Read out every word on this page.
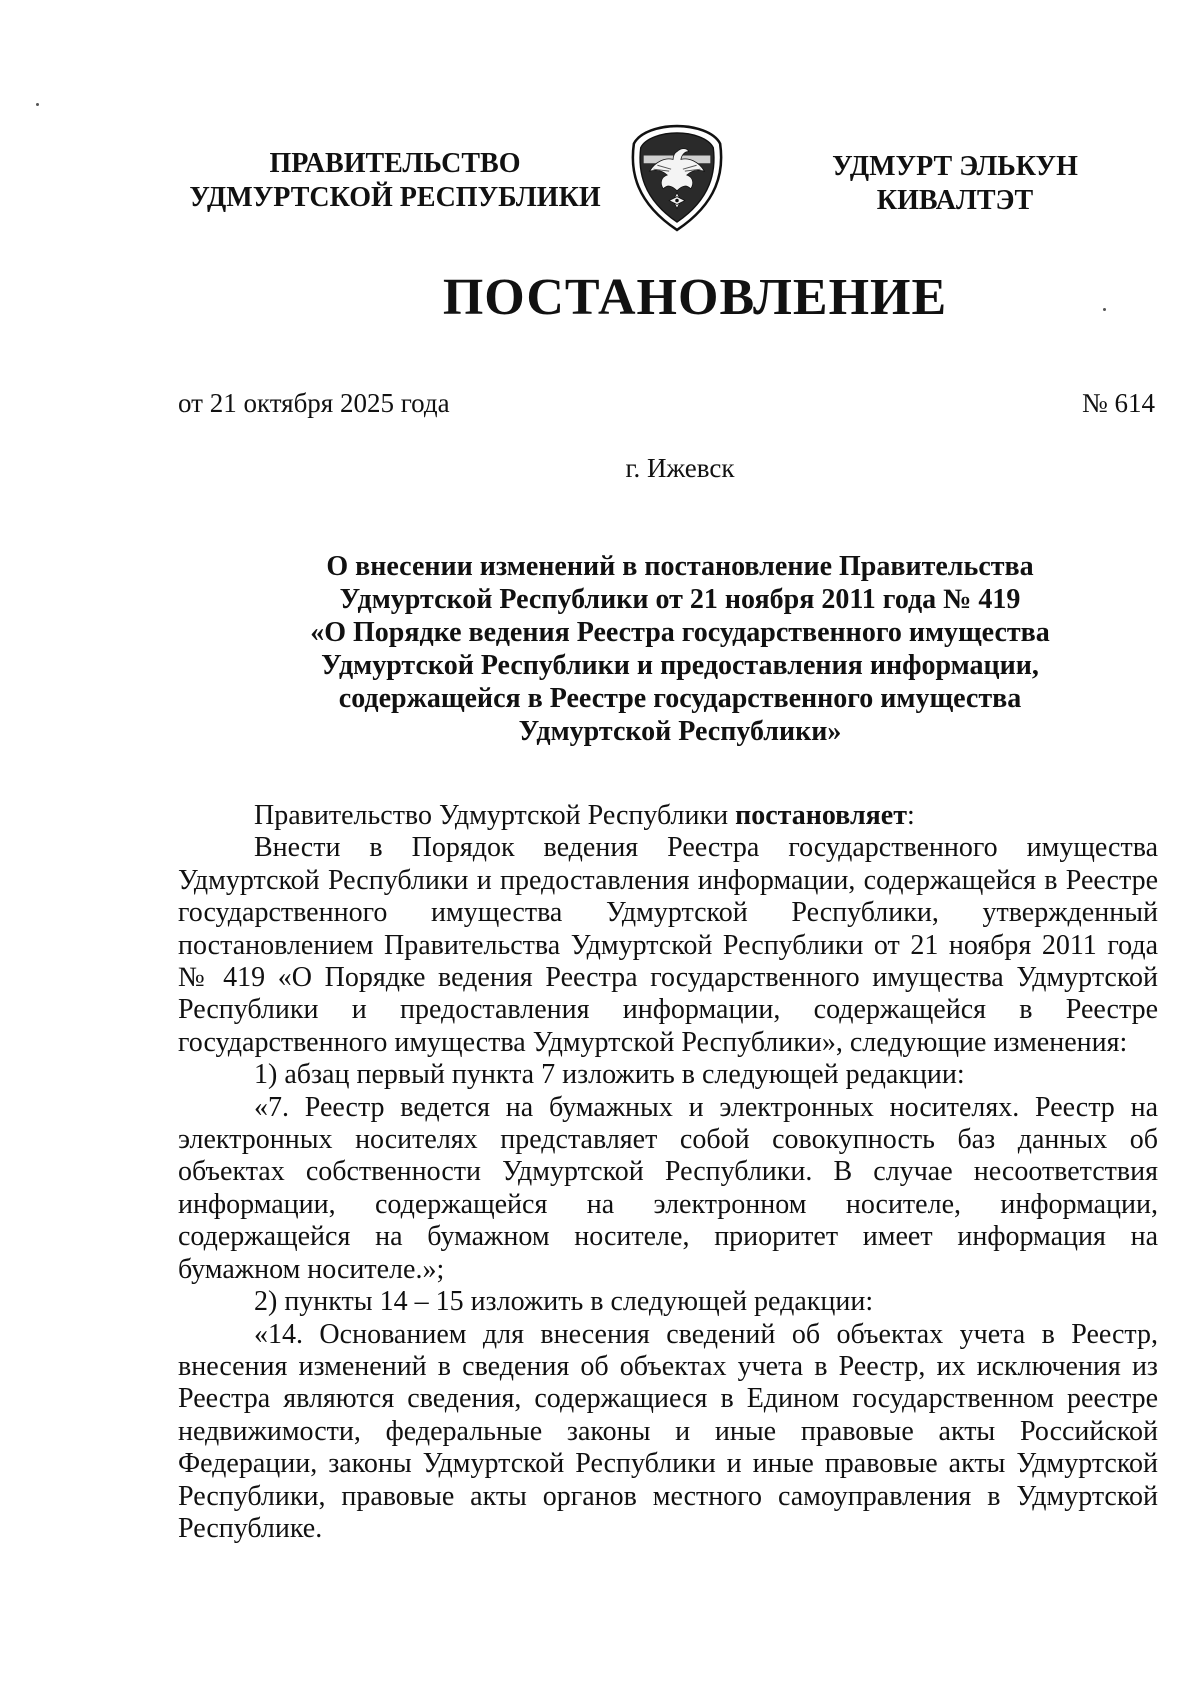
ПРАВИТЕЛЬСТВО
УДМУРТСКОЙ РЕСПУБЛИКИ
УДМУРТ ЭЛЬКУН
КИВАЛТЭТ
ПОСТАНОВЛЕНИЕ
от 21 октября 2025 года	№ 614
г. Ижевск
О внесении изменений в постановление Правительства
Удмуртской Республики от 21 ноября 2011 года № 419
«О Порядке ведения Реестра государственного имущества
Удмуртской Республики и предоставления информации,
содержащейся в Реестре государственного имущества
Удмуртской Республики»

Правительство Удмуртской Республики постановляет:

Внести в Порядок ведения Реестра государственного имущества Удмуртской Республики и предоставления информации, содержащейся в Реестре государственного имущества Удмуртской Республики, утвержденный постановлением Правительства Удмуртской Республики от 21 ноября 2011 года № 419 «О Порядке ведения Реестра государственного имущества Удмуртской Республики и предоставления информации, содержащейся в Реестре государственного имущества Удмуртской Республики», следующие изменения:

1) абзац первый пункта 7 изложить в следующей редакции:

«7. Реестр ведется на бумажных и электронных носителях. Реестр на электронных носителях представляет собой совокупность баз данных об объектах собственности Удмуртской Республики. В случае несоответствия информации, содержащейся на электронном носителе, информации, содержащейся на бумажном носителе, приоритет имеет информация на бумажном носителе.»;

2) пункты 14 – 15 изложить в следующей редакции:

«14. Основанием для внесения сведений об объектах учета в Реестр, внесения изменений в сведения об объектах учета в Реестр, их исключения из Реестра являются сведения, содержащиеся в Едином государственном реестре недвижимости, федеральные законы и иные правовые акты Российской Федерации, законы Удмуртской Республики и иные правовые акты Удмуртской Республики, правовые акты органов местного самоуправления в Удмуртской Республике.
